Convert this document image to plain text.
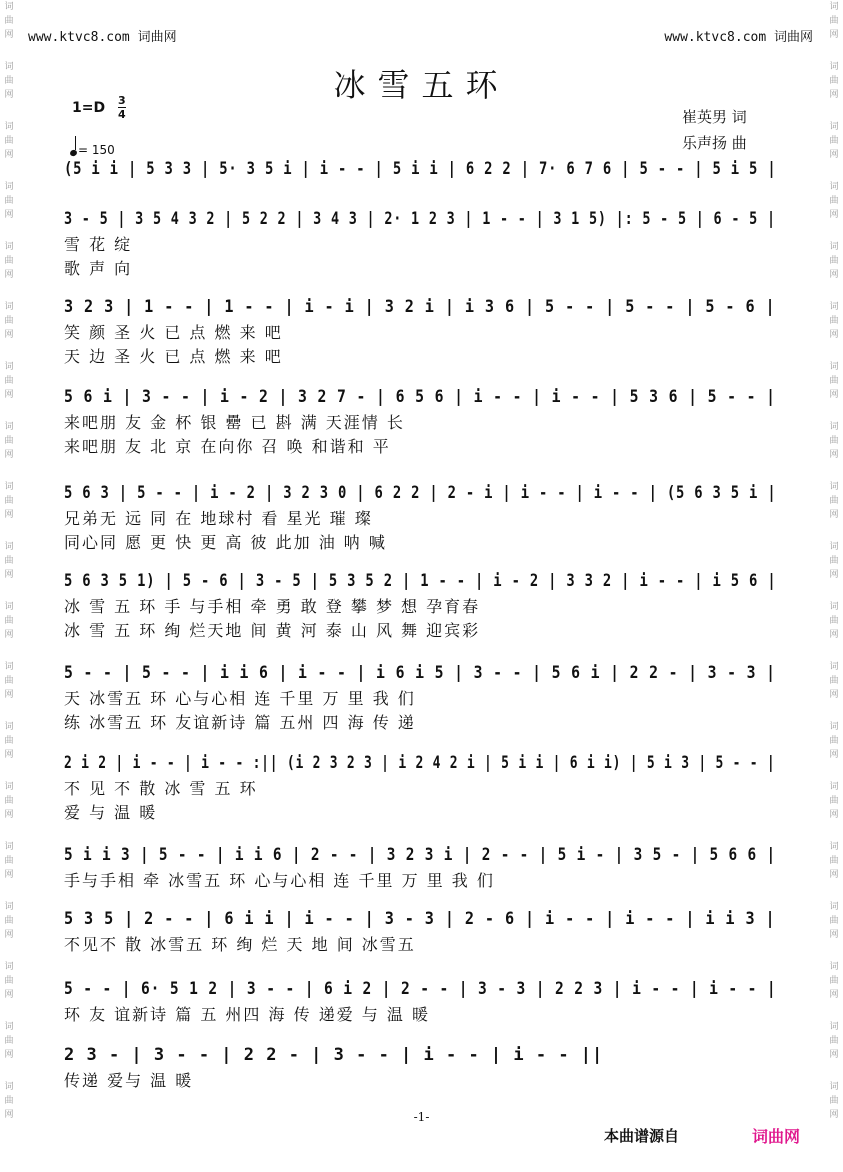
www.ktvc8.com 词曲网	www.ktvc8.com 词曲网
词
曲
网

词
曲
网

词
曲
网

词
曲
网

词
曲
网

词
曲
网

词
曲
网

词
曲
网

词
曲
网

词
曲
网

词
曲
网

词
曲
网

词
曲
网

词
曲
网

词
曲
网

词
曲
网

词
曲
网

词
曲
网

词
曲
网

词
曲
网

词
曲
网

词
曲
网

词
曲
网

词
曲
网

词
曲
网

词
曲
网

词
曲
网

词
曲
网

词
曲
网

词
曲
网

词
曲
网

词
曲
网

词
曲
网

词
曲
网

词
曲
网

词
曲
网

词
曲
网

词
曲
网

冰雪五环
1=D 3
4
= 150
崔英男 词
乐声扬 曲
(5 i i | 5 3 3 | 5· 3 5 i | i - - | 5 i i | 6 2 2 | 7· 6 7 6 | 5 - - | 5 i 5 |
3 - 5 | 3 5 4 3 2 | 5 2 2 | 3 4 3 | 2· 1 2 3 | 1 - - | 3 1 5) |: 5 - 5 | 6 - 5 |
雪 花 绽
歌 声 向
3 2 3 | 1 - - | 1 - - | i - i | 3 2 i | i 3 6 | 5 - - | 5 - - | 5 - 6 |
笑 颜 圣 火 已 点 燃 来 吧
天 边 圣 火 已 点 燃 来 吧
5 6 i | 3 - - | i - 2 | 3 2 7 - | 6 5 6 | i - - | i - - | 5 3 6 | 5 - - |
来吧朋 友 金 杯 银 罍 已 斟 满 天涯情 长
来吧朋 友 北 京 在向你 召 唤 和谐和 平
5 6 3 | 5 - - | i - 2 | 3 2 3 0 | 6 2 2 | 2 - i | i - - | i - - | (5 6 3 5 i |
兄弟无 远 同 在 地球村 看 星光 璀 璨
同心同 愿 更 快 更 高 彼 此加 油 呐 喊
5 6 3 5 1) | 5 - 6 | 3 - 5 | 5 3 5 2 | 1 - - | i - 2 | 3 3 2 | i - - | i 5 6 |
冰 雪 五 环 手 与手相 牵 勇 敢 登 攀 梦 想 孕育春
冰 雪 五 环 绚 烂天地 间 黄 河 泰 山 风 舞 迎宾彩
5 - - | 5 - - | i i 6 | i - - | i 6 i 5 | 3 - - | 5 6 i | 2 2 - | 3 - 3 |
天 冰雪五 环 心与心相 连 千里 万 里 我 们
练 冰雪五 环 友谊新诗 篇 五州 四 海 传 递
2 i 2 | i - - | i - - :|| (i 2 3 2 3 | i 2 4 2 i | 5 i i | 6 i i) | 5 i 3 | 5 - - |
不 见 不 散 冰 雪 五 环
爱 与 温 暖
5 i i 3 | 5 - - | i i 6 | 2 - - | 3 2 3 i | 2 - - | 5 i - | 3 5 - | 5 6 6 |
手与手相 牵 冰雪五 环 心与心相 连 千里 万 里 我 们
5 3 5 | 2 - - | 6 i i | i - - | 3 - 3 | 2 - 6 | i - - | i - - | i i 3 |
不见不 散 冰雪五 环 绚 烂 天 地 间 冰雪五
5 - - | 6· 5 1 2 | 3 - - | 6 i 2 | 2 - - | 3 - 3 | 2 2 3 | i - - | i - - |
环 友 谊新诗 篇 五 州四 海 传 递爱 与 温 暖
2 3 - | 3 - - | 2 2 - | 3 - - | i - - | i - - ||
传递 爱与 温 暖
-1-
本曲谱源自	词曲网
